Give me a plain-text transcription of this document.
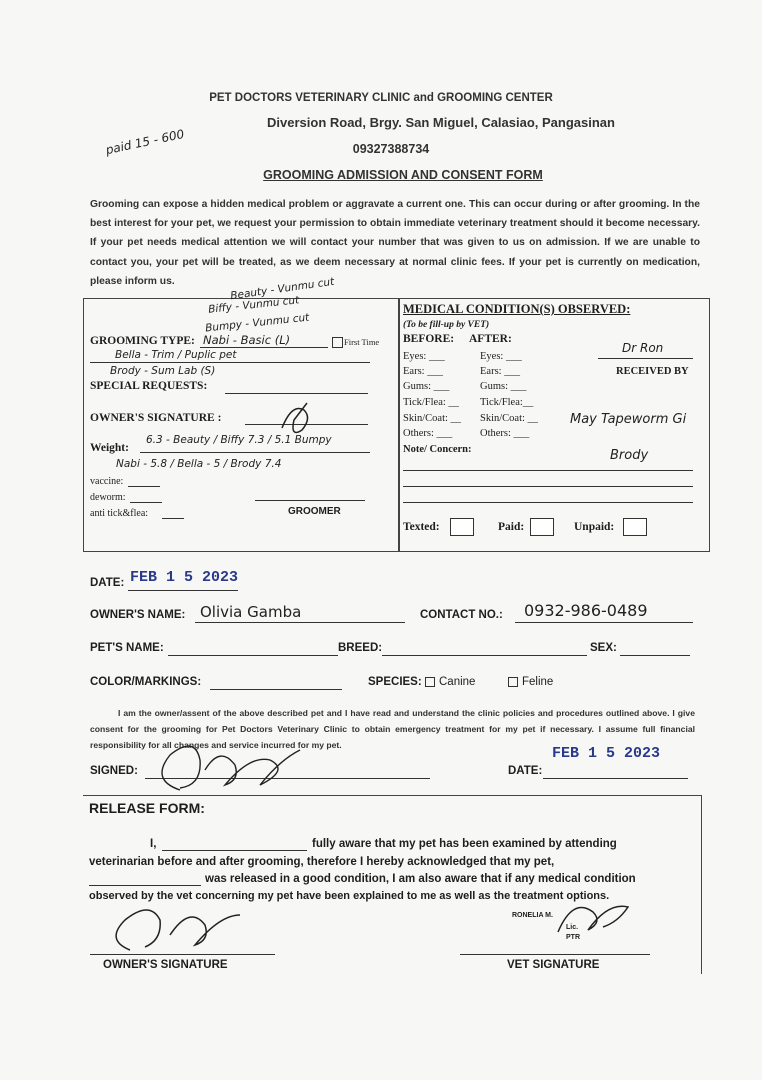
PET DOCTORS VETERINARY CLINIC and GROOMING CENTER
Diversion Road, Brgy. San Miguel, Calasiao, Pangasinan
09327388734
GROOMING ADMISSION AND CONSENT FORM
paid 15 - 600
Grooming can expose a hidden medical problem or aggravate a current one. This can occur during or after grooming. In the best interest for your pet, we request your permission to obtain immediate veterinary treatment should it become necessary. If your pet needs medical attention we will contact your number that was given to us on admission. If we are unable to contact you, your pet will be treated, as we deem necessary at normal clinic fees. If your pet is currently on medication, please inform us.	Beauty - Vunmu cut
Biffy - Vunmu cut
Bumpy - Vunmu cut
GROOMING TYPE: Nabi - Basic (L)	First Time
Bella - Trim / Puplic pet
Brody - Sum Lab (S)
SPECIAL REQUESTS:
OWNER'S SIGNATURE :
Weight:
6.3 - Beauty / Biffy 7.3 / 5.1 Bumpy
Nabi - 5.8 / Bella - 5 / Brody 7.4
vaccine:
deworm:
anti tick&flea:	GROOMER
MEDICAL CONDITION(S) OBSERVED:
(To be fill-up by VET)
BEFORE: AFTER:
Eyes: ___	Eyes: ___
Ears: ___	Ears: ___
Gums: ___	Gums: ___
Tick/Flea: __ Tick/Flea:__
Skin/Coat: __ Skin/Coat: __
Others: ___	Others: ___
Dr Ron
RECEIVED BY
Note/ Concern:
May Tapeworm Gi
Brody
Texted:	Paid:	Unpaid:
DATE: FEB 1 5 2023
OWNER'S NAME: Olivia Gamba	CONTACT NO.: 0932-986-0489
PET'S NAME:	BREED:	SEX:
COLOR/MARKINGS:	SPECIES:	Canine	Feline
I am the owner/assent of the above described pet and I have read and understand the clinic policies and procedures outlined above. I give consent for the grooming for Pet Doctors Veterinary Clinic to obtain emergency treatment for my pet if necessary. I assume full financial responsibility for all changes and service incurred for my pet.
SIGNED:	DATE:
FEB 1 5 2023
RELEASE FORM:
I,	fully aware that my pet has been examined by attending
veterinarian before and after grooming, therefore I hereby acknowledged that my pet,
was released in a good condition, I am also aware that if any medical condition
observed by the vet concerning my pet have been explained to me as well as the treatment options.
OWNER'S SIGNATURE
RONELIA M.
Lic.
PTR
VET SIGNATURE
